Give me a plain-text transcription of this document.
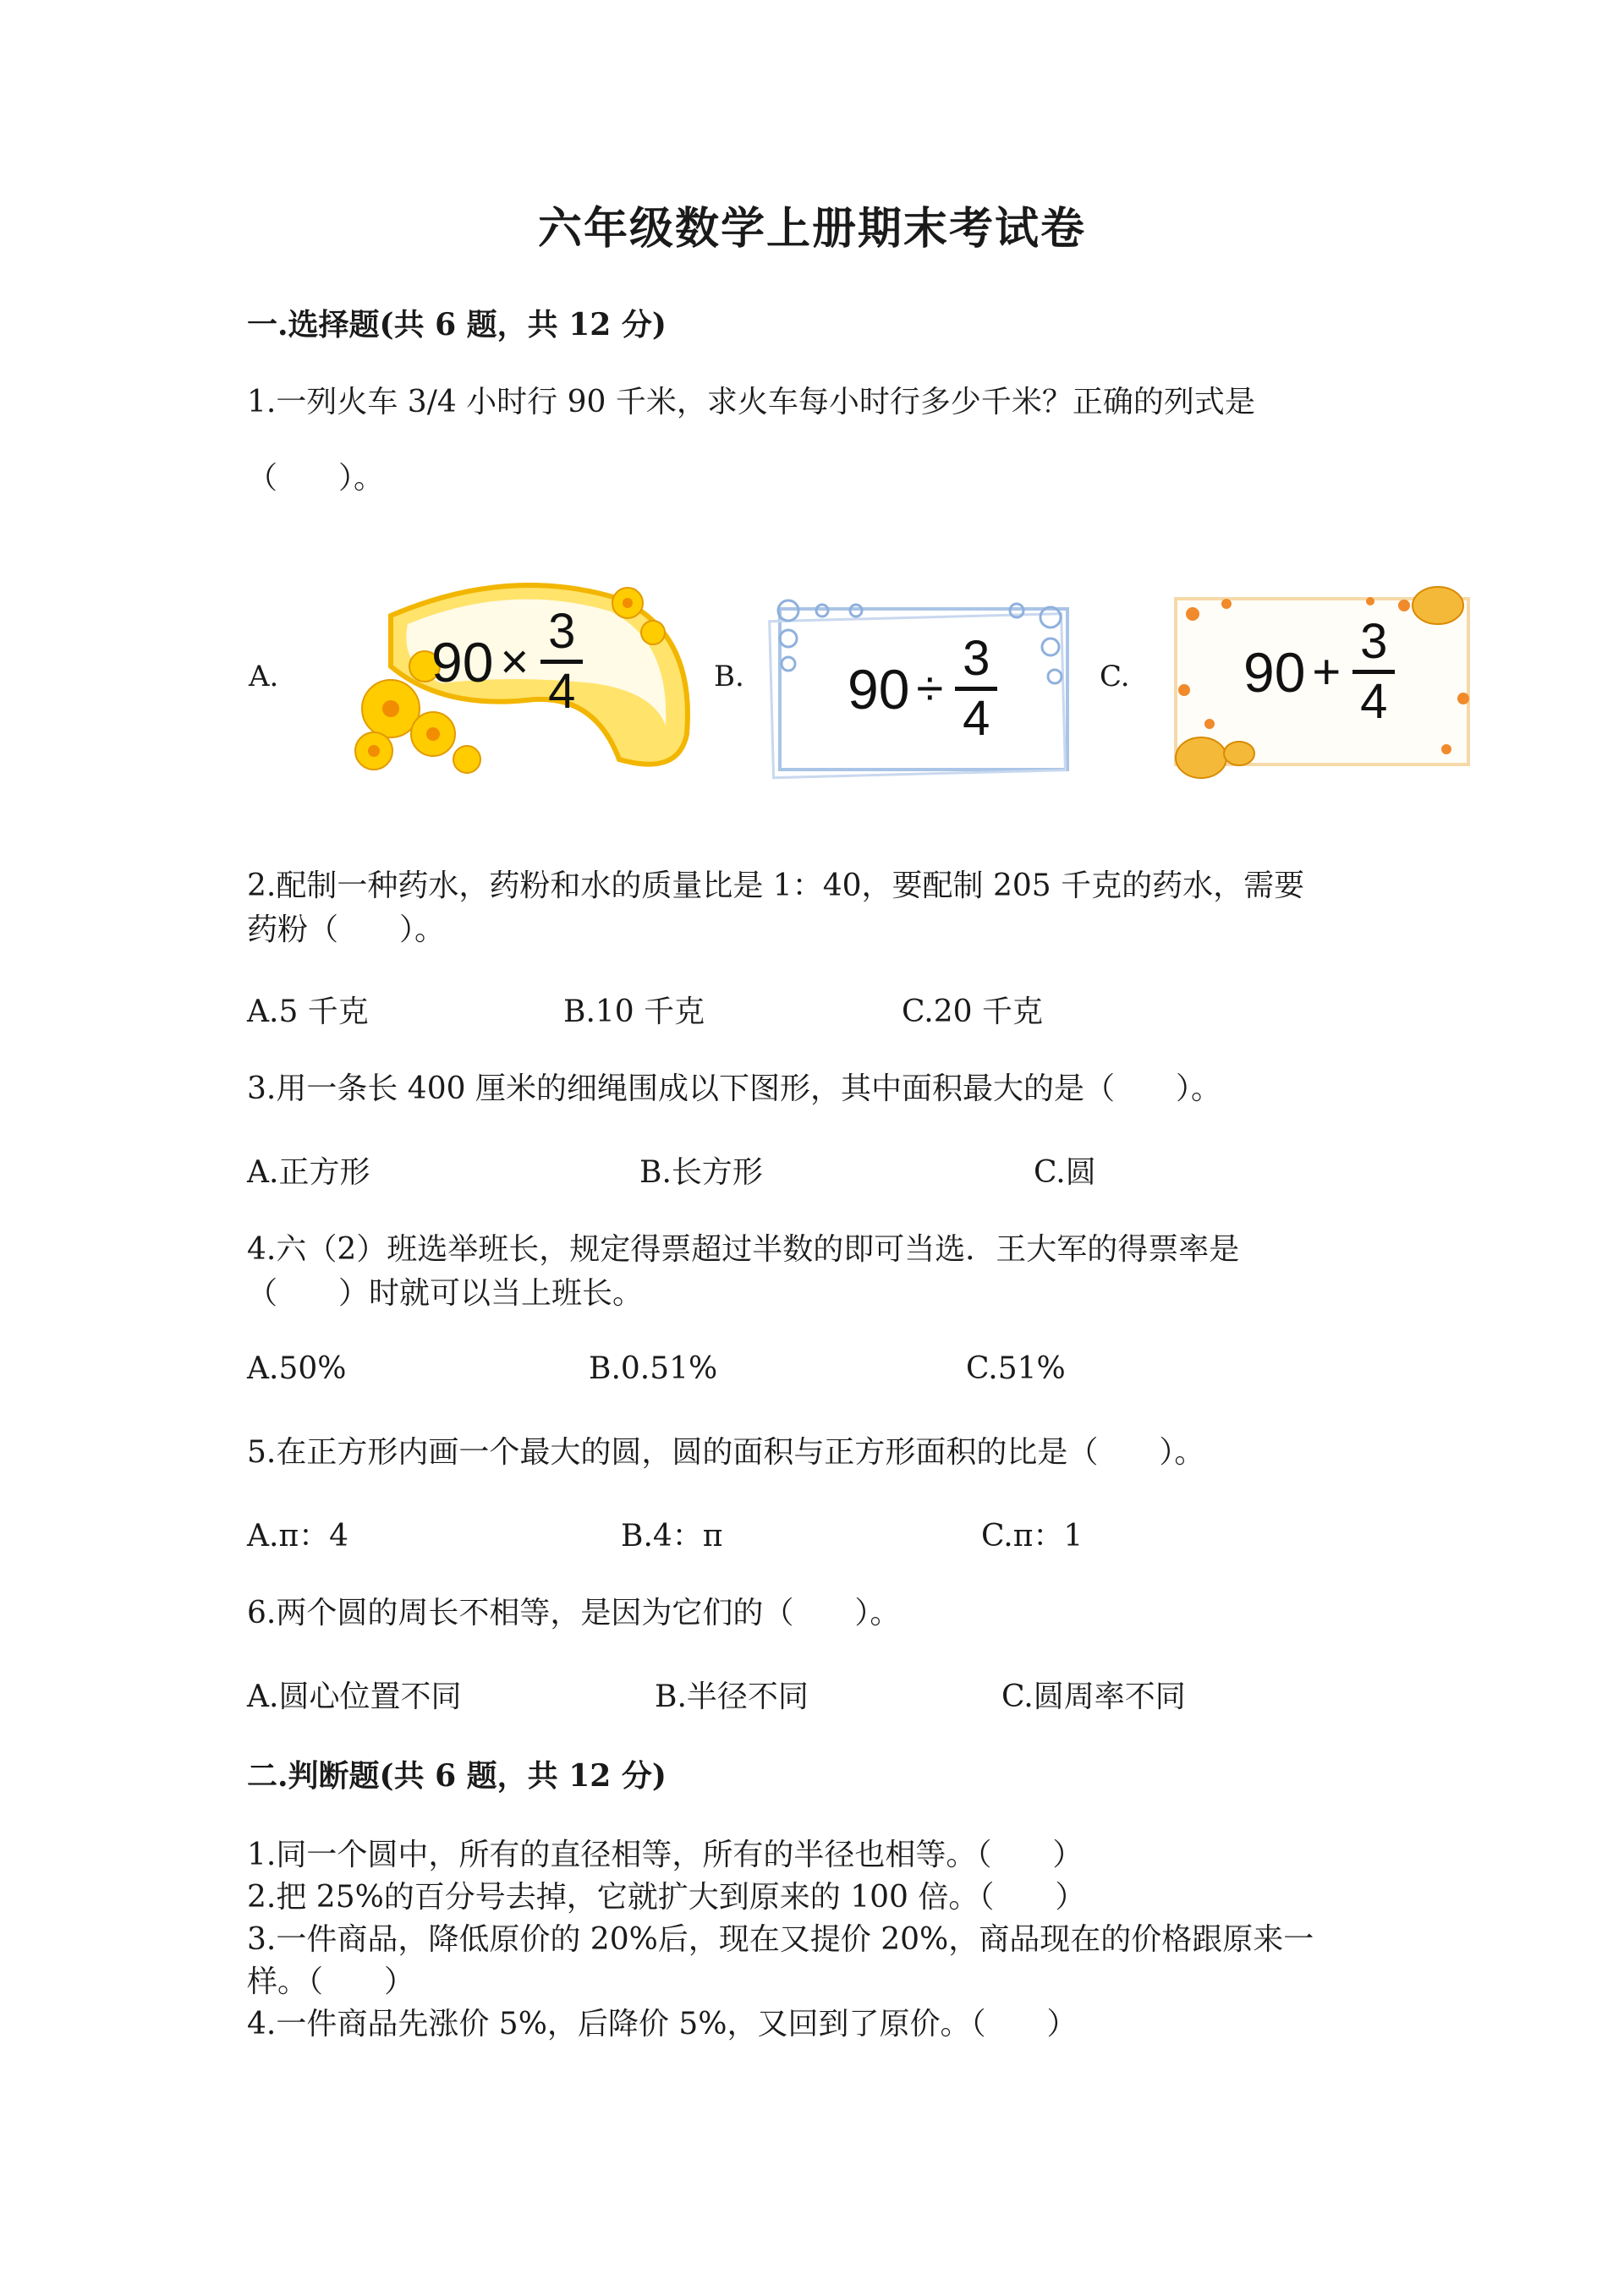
六年级数学上册期末考试卷
一.选择题(共 6 题，共 12 分)
1.一列火车 3/4 小时行 90 千米，求火车每小时行多少千米？正确的列式是
（　　）。
A.	90 ×
3
4	B. 90 ÷
3
4
C. 90 +
3
4
2.配制一种药水，药粉和水的质量比是 1：40，要配制 205 千克的药水，需要
药粉（　　）。
A.5 千克	B.10 千克	C.20 千克
3.用一条长 400 厘米的细绳围成以下图形，其中面积最大的是（　　）。
A.正方形	B.长方形	C.圆
4.六（2）班选举班长，规定得票超过半数的即可当选．王大军的得票率是
（　　）时就可以当上班长。
A.50%	B.0.51%	C.51%
5.在正方形内画一个最大的圆，圆的面积与正方形面积的比是（　　）。
A.π：4	B.4：π	C.π：1
6.两个圆的周长不相等，是因为它们的（　　）。
A.圆心位置不同	B.半径不同	C.圆周率不同
二.判断题(共 6 题，共 12 分)
1.同一个圆中，所有的直径相等，所有的半径也相等。（　　）
2.把 25%的百分号去掉，它就扩大到原来的 100 倍。（　　）
3.一件商品，降低原价的 20%后，现在又提价 20%，商品现在的价格跟原来一
样。（　　）
4.一件商品先涨价 5%，后降价 5%，又回到了原价。（　　）
